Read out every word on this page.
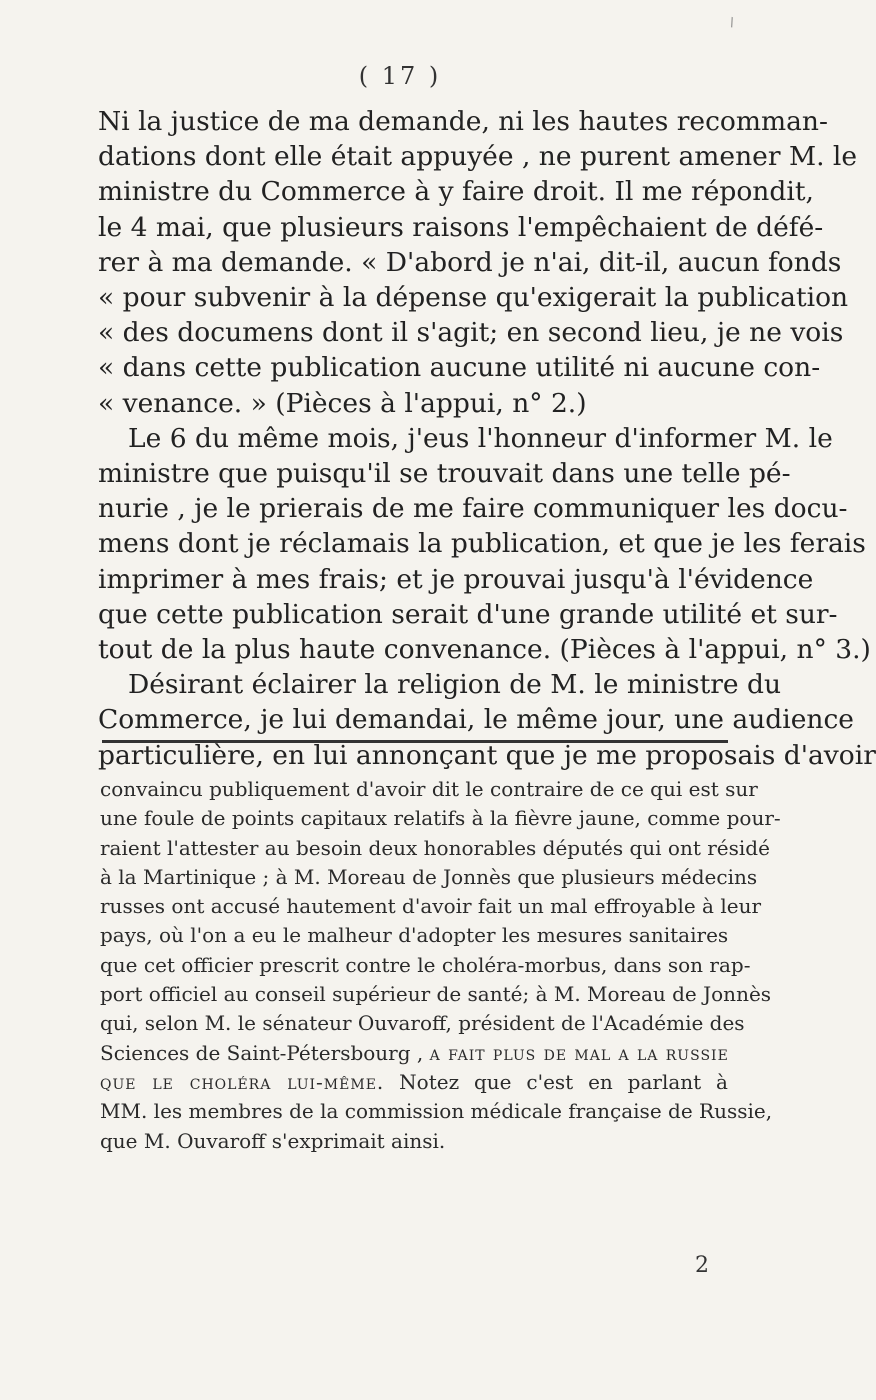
\
( 17 )
Ni la justice de ma demande, ni les hautes recomman-
dations dont elle était appuyée , ne purent amener M. le
ministre du Commerce à y faire droit. Il me répondit,
le 4 mai, que plusieurs raisons l'empêchaient de défé-
rer à ma demande. « D'abord je n'ai, dit-il, aucun fonds
« pour subvenir à la dépense qu'exigerait la publication
« des documens dont il s'agit; en second lieu, je ne vois
« dans cette publication aucune utilité ni aucune con-
« venance. » (Pièces à l'appui, n° 2.)
Le 6 du même mois, j'eus l'honneur d'informer M. le
ministre que puisqu'il se trouvait dans une telle pé-
nurie , je le prierais de me faire communiquer les docu-
mens dont je réclamais la publication, et que je les ferais
imprimer à mes frais; et je prouvai jusqu'à l'évidence
que cette publication serait d'une grande utilité et sur-
tout de la plus haute convenance. (Pièces à l'appui, n° 3.)
Désirant éclairer la religion de M. le ministre du
Commerce, je lui demandai, le même jour, une audience
particulière, en lui annonçant que je me proposais d'avoir
convaincu publiquement d'avoir dit le contraire de ce qui est sur
une foule de points capitaux relatifs à la fièvre jaune, comme pour-
raient l'attester au besoin deux honorables députés qui ont résidé
à la Martinique ; à M. Moreau de Jonnès que plusieurs médecins
russes ont accusé hautement d'avoir fait un mal effroyable à leur
pays, où l'on a eu le malheur d'adopter les mesures sanitaires
que cet officier prescrit contre le choléra-morbus, dans son rap-
port officiel au conseil supérieur de santé; à M. Moreau de Jonnès
qui, selon M. le sénateur Ouvaroff, président de l'Académie des
Sciences de Saint-Pétersbourg , a fait plus de mal a la russie
que le choléra lui-même. Notez que c'est en parlant à
MM. les membres de la commission médicale française de Russie,
que M. Ouvaroff s'exprimait ainsi.
2
